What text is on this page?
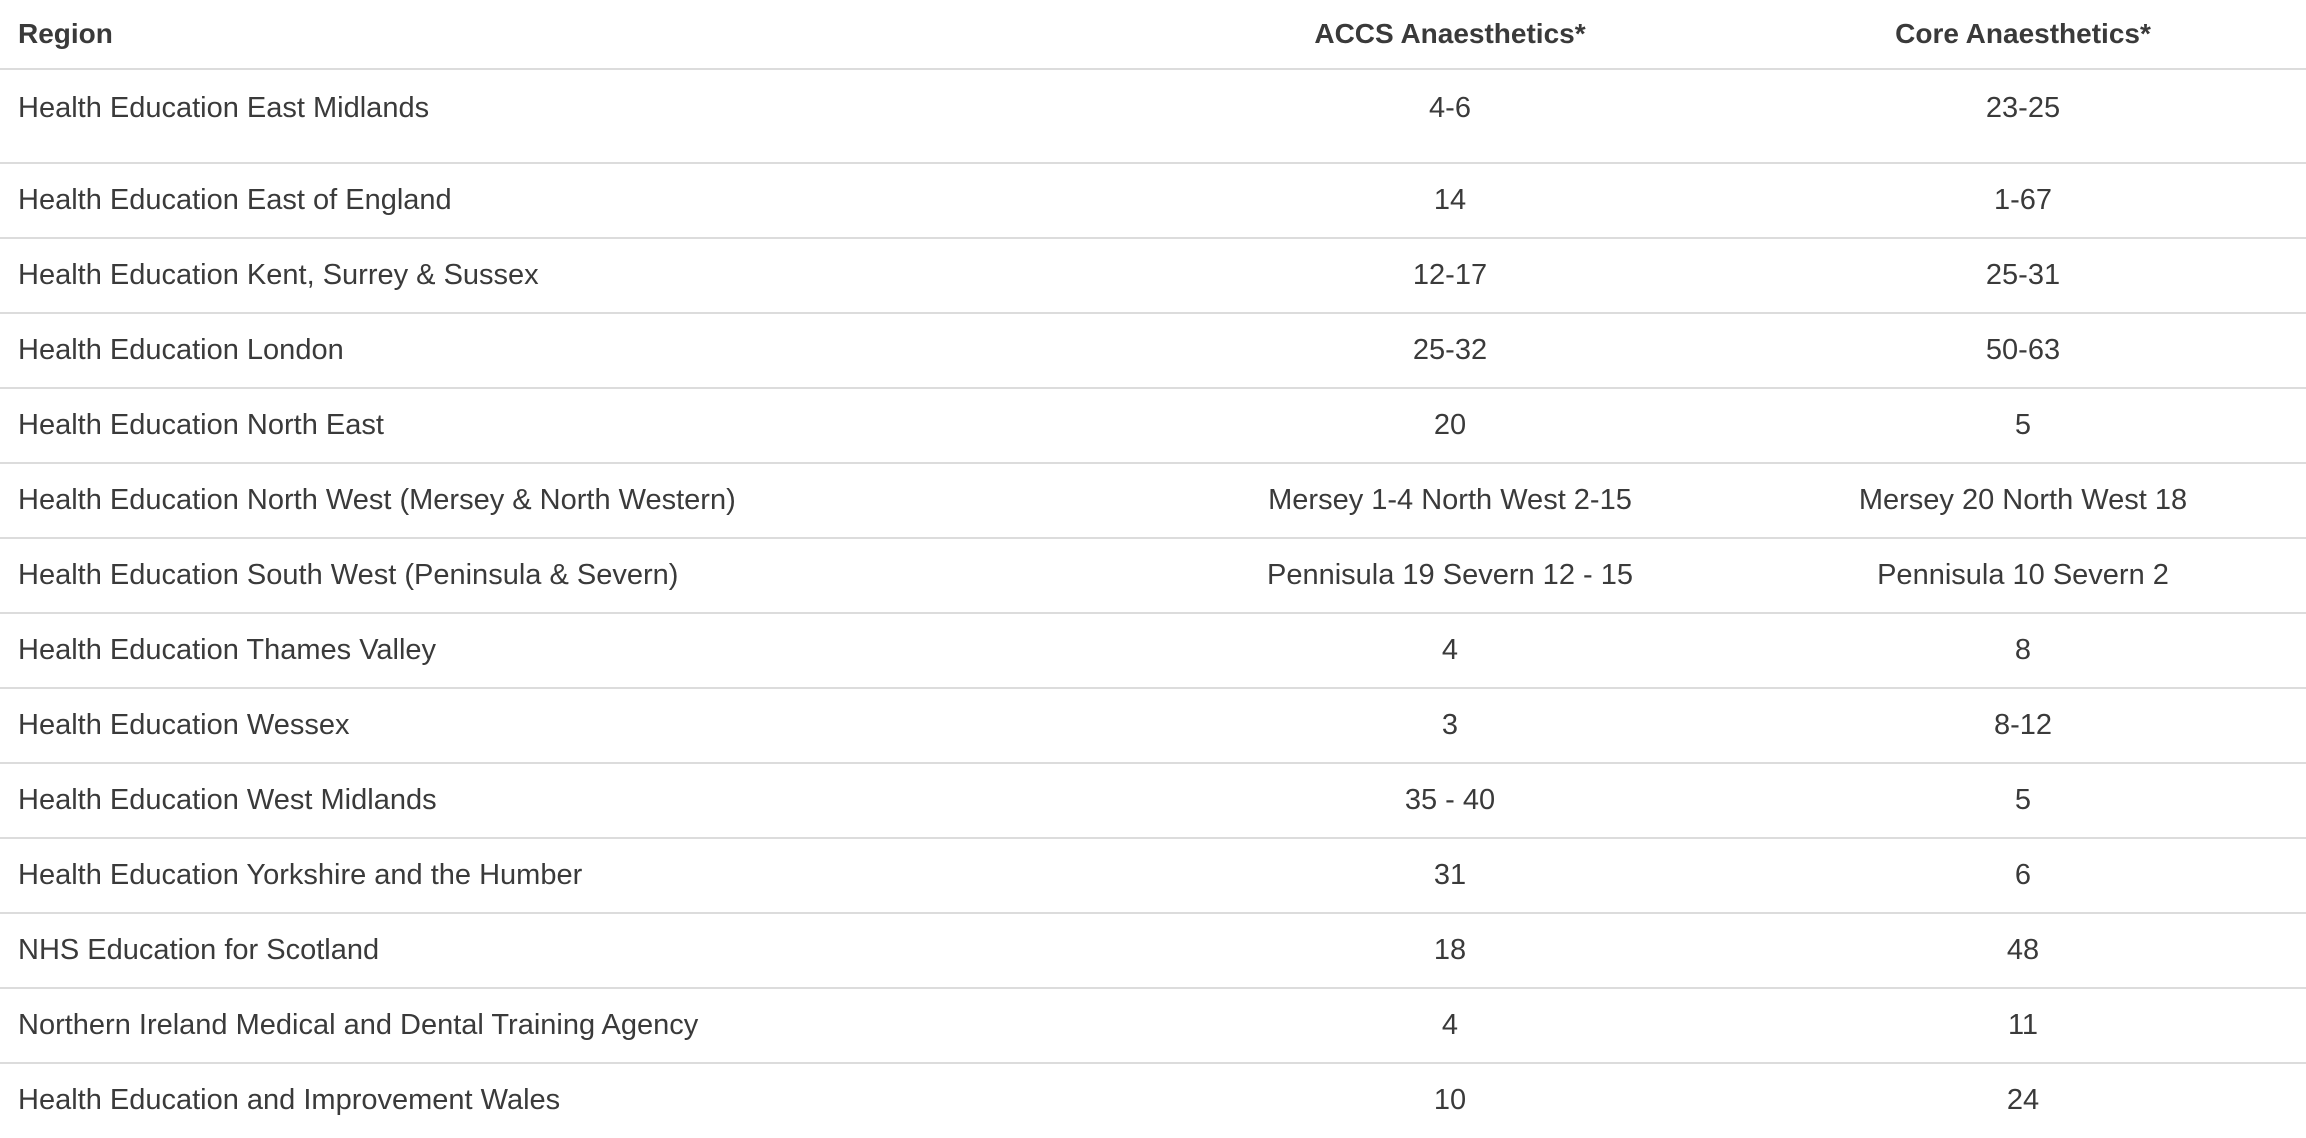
Region	ACCS Anaesthetics*	Core Anaesthetics*
Health Education East Midlands	4-6	23-25
Health Education East of England	14	1-67
Health Education Kent, Surrey & Sussex	12-17	25-31
Health Education London	25-32	50-63
Health Education North East	20	5
Health Education North West (Mersey & North Western)	Mersey 1-4 North West 2-15	Mersey 20 North West 18
Health Education South West (Peninsula & Severn)	Pennisula 19 Severn 12 - 15	Pennisula 10 Severn 2
Health Education Thames Valley	4	8
Health Education Wessex	3	8-12
Health Education West Midlands	35 - 40	5
Health Education Yorkshire and the Humber	31	6
NHS Education for Scotland	18	48
Northern Ireland Medical and Dental Training Agency	4	11
Health Education and Improvement Wales	10	24
